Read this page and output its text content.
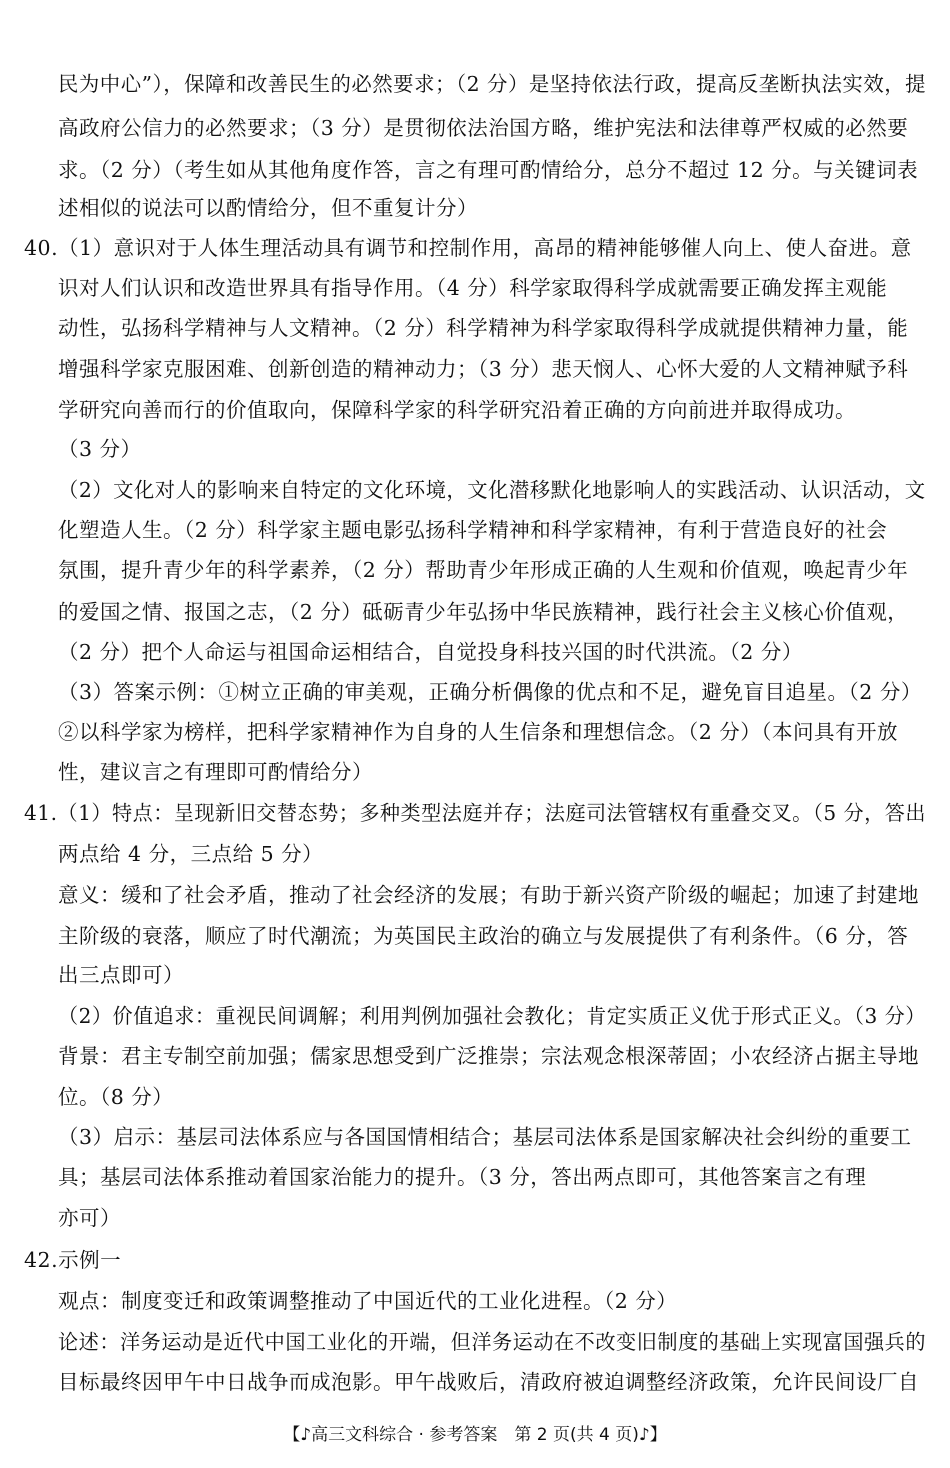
民为中心”），保障和改善民生的必然要求；（2 分）是坚持依法行政，提高反垄断执法实效，提
高政府公信力的必然要求；（3 分）是贯彻依法治国方略，维护宪法和法律尊严权威的必然要
求。（2 分）（考生如从其他角度作答，言之有理可酌情给分，总分不超过 12 分。与关键词表
述相似的说法可以酌情给分，但不重复计分）
40.（1）意识对于人体生理活动具有调节和控制作用，高昂的精神能够催人向上、使人奋进。意
识对人们认识和改造世界具有指导作用。（4 分）科学家取得科学成就需要正确发挥主观能
动性，弘扬科学精神与人文精神。（2 分）科学精神为科学家取得科学成就提供精神力量，能
增强科学家克服困难、创新创造的精神动力；（3 分）悲天悯人、心怀大爱的人文精神赋予科
学研究向善而行的价值取向，保障科学家的科学研究沿着正确的方向前进并取得成功。
（3 分）
（2）文化对人的影响来自特定的文化环境，文化潜移默化地影响人的实践活动、认识活动，文
化塑造人生。（2 分）科学家主题电影弘扬科学精神和科学家精神，有利于营造良好的社会
氛围，提升青少年的科学素养，（2 分）帮助青少年形成正确的人生观和价值观，唤起青少年
的爱国之情、报国之志，（2 分）砥砺青少年弘扬中华民族精神，践行社会主义核心价值观，
（2 分）把个人命运与祖国命运相结合，自觉投身科技兴国的时代洪流。（2 分）
（3）答案示例：①树立正确的审美观，正确分析偶像的优点和不足，避免盲目追星。（2 分）
②以科学家为榜样，把科学家精神作为自身的人生信条和理想信念。（2 分）（本问具有开放
性，建议言之有理即可酌情给分）
41.（1）特点：呈现新旧交替态势；多种类型法庭并存；法庭司法管辖权有重叠交叉。（5 分，答出
两点给 4 分，三点给 5 分）
意义：缓和了社会矛盾，推动了社会经济的发展；有助于新兴资产阶级的崛起；加速了封建地
主阶级的衰落，顺应了时代潮流；为英国民主政治的确立与发展提供了有利条件。（6 分，答
出三点即可）
（2）价值追求：重视民间调解；利用判例加强社会教化；肯定实质正义优于形式正义。（3 分）
背景：君主专制空前加强；儒家思想受到广泛推崇；宗法观念根深蒂固；小农经济占据主导地
位。（8 分）
（3）启示：基层司法体系应与各国国情相结合；基层司法体系是国家解决社会纠纷的重要工
具；基层司法体系推动着国家治能力的提升。（3 分，答出两点即可，其他答案言之有理
亦可）
42.示例一
观点：制度变迁和政策调整推动了中国近代的工业化进程。（2 分）
论述：洋务运动是近代中国工业化的开端，但洋务运动在不改变旧制度的基础上实现富国强兵的
目标最终因甲午中日战争而成泡影。甲午战败后，清政府被迫调整经济政策，允许民间设厂自
【♪高三文科综合 · 参考答案　第 2 页(共 4 页)♪】
